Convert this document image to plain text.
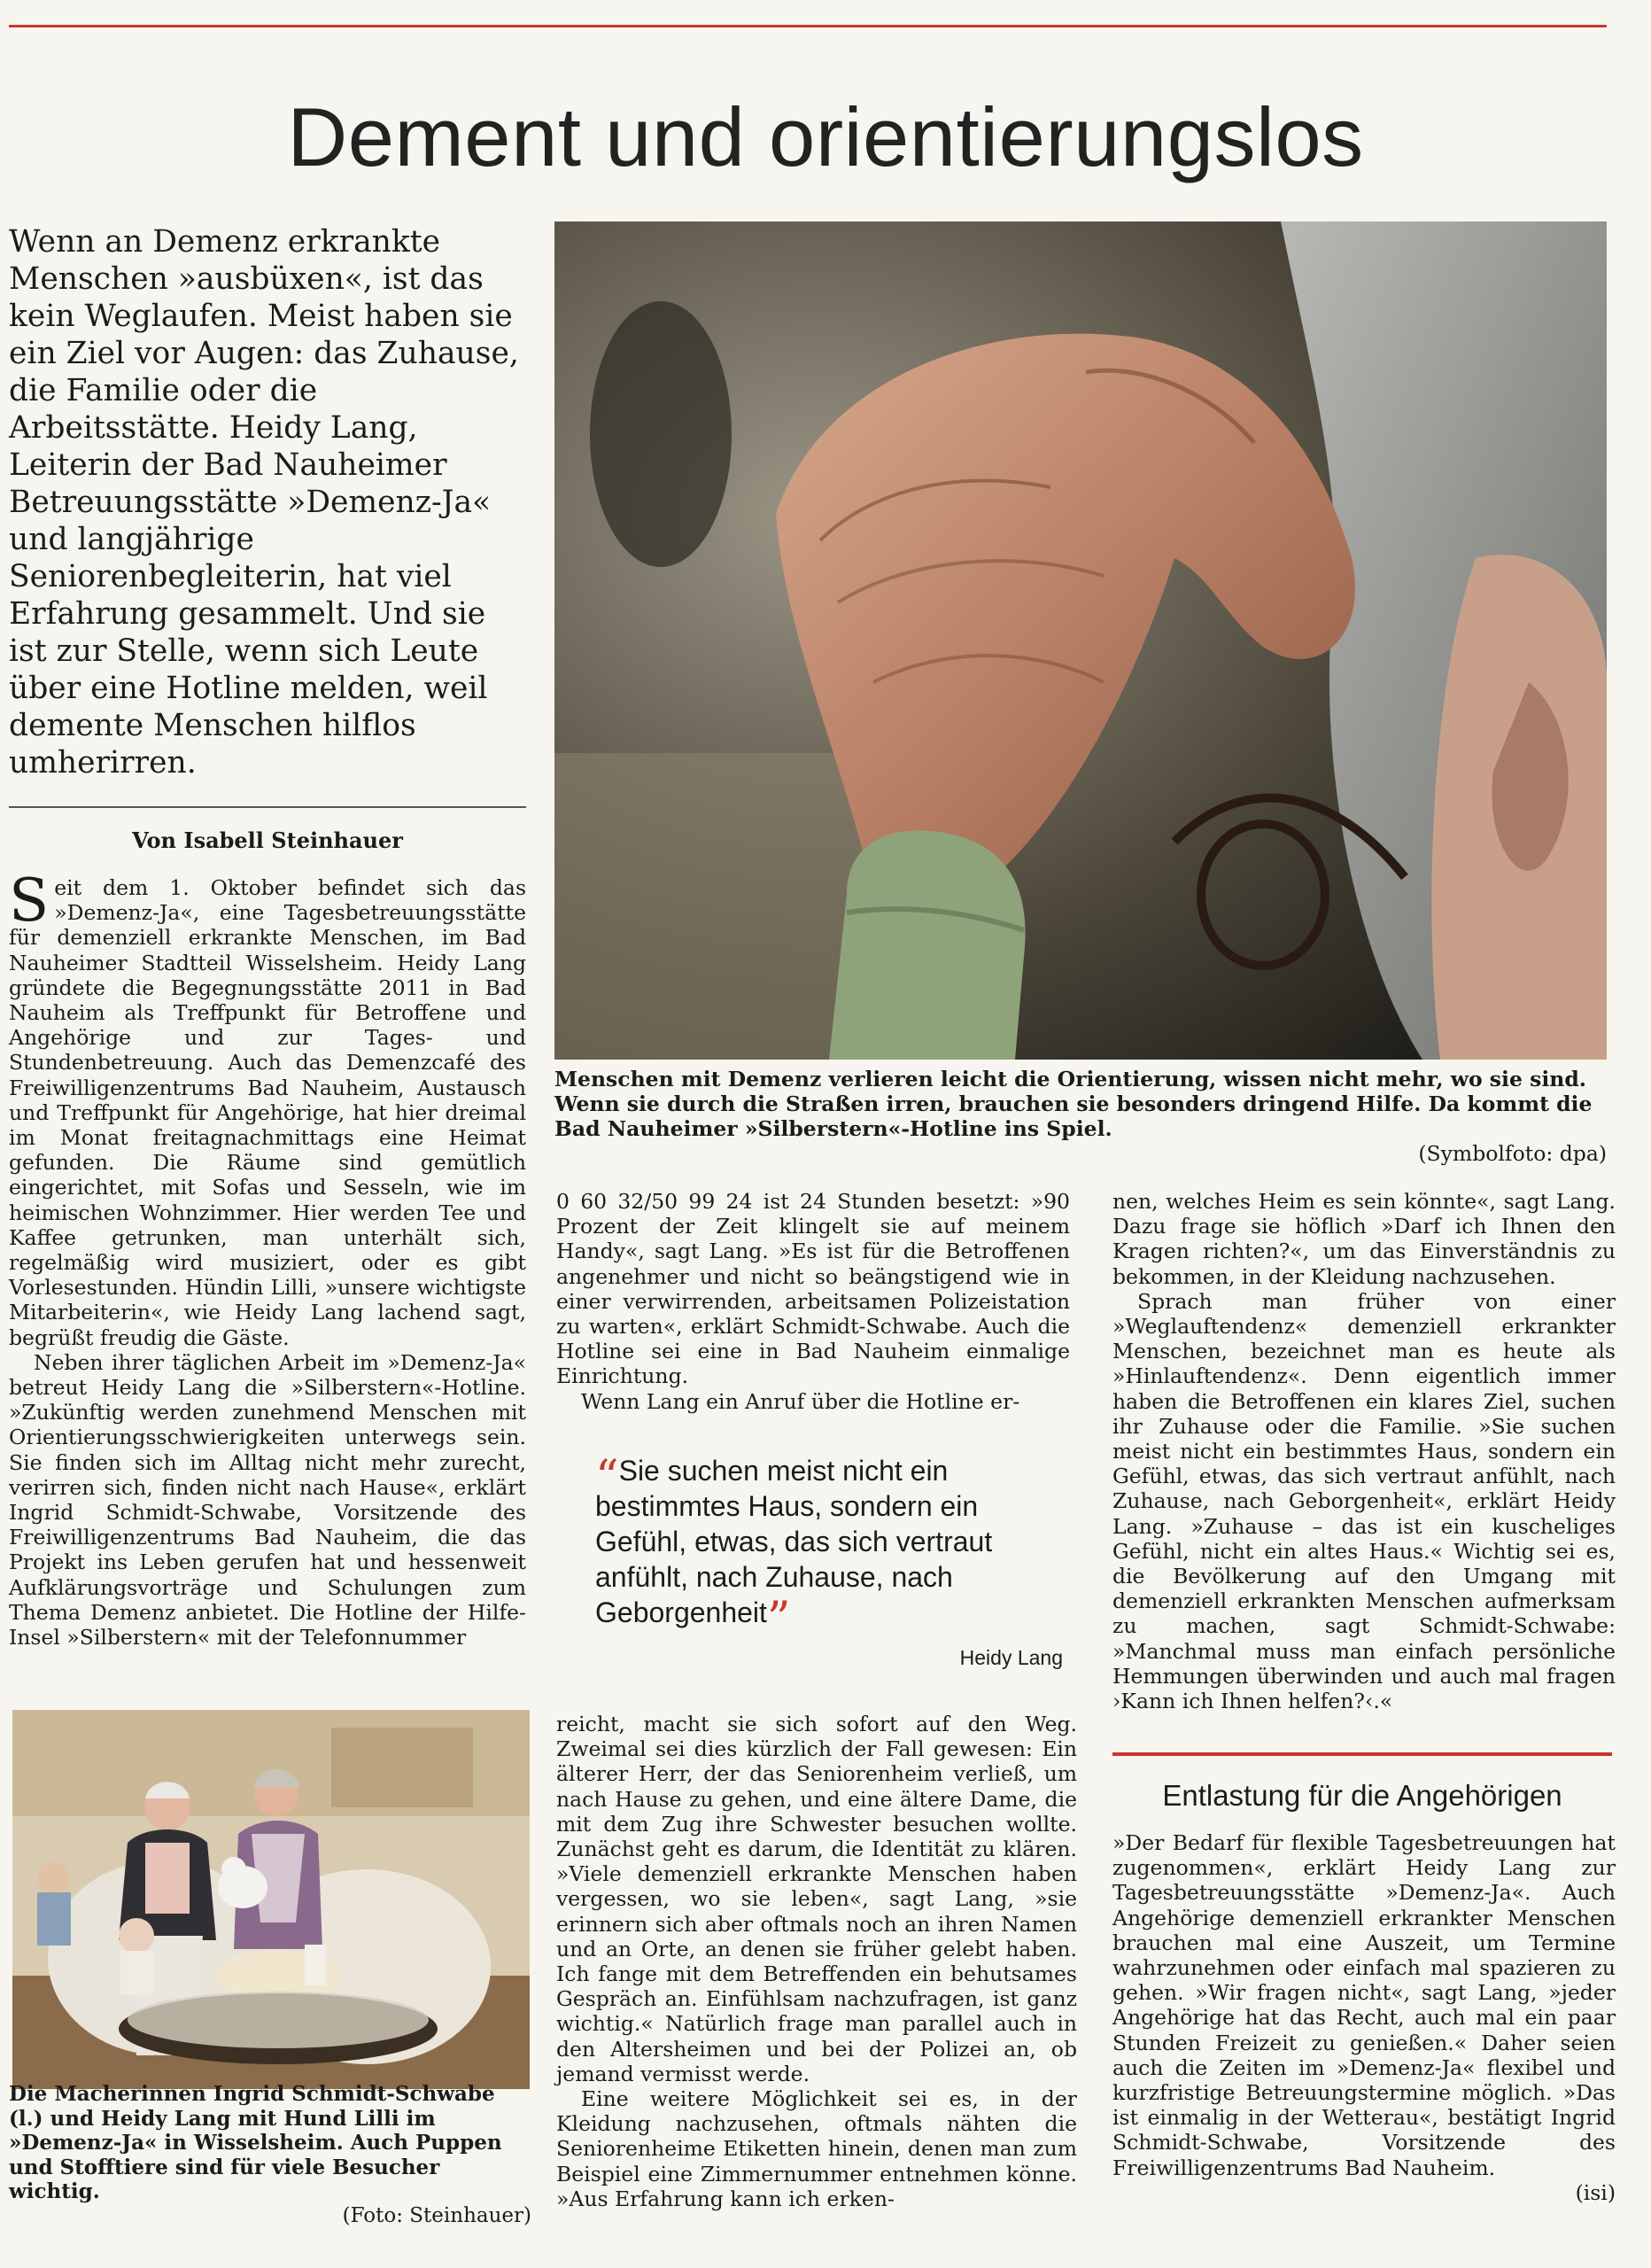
Dement und orientierungslos
Wenn an Demenz erkrankte Menschen »ausbüxen«, ist das kein Weglaufen. Meist haben sie ein Ziel vor Augen: das Zuhause, die Familie oder die Arbeitsstätte. Heidy Lang, Leiterin der Bad Nauheimer Betreuungsstätte »Demenz-Ja« und langjährige Seniorenbegleiterin, hat viel Erfahrung gesammelt. Und sie ist zur Stelle, wenn sich Leute über eine Hotline melden, weil demente Menschen hilflos umherirren.
Von Isabell Steinhauer

Seit dem 1. Oktober befindet sich das »Demenz-Ja«, eine Tagesbetreuungsstätte für demenziell erkrankte Menschen, im Bad Nauheimer Stadtteil Wisselsheim. Heidy Lang gründete die Begegnungsstätte 2011 in Bad Nauheim als Treffpunkt für Betroffene und Angehörige und zur Tages- und Stundenbetreuung. Auch das Demenzcafé des Freiwilligenzentrums Bad Nauheim, Austausch und Treffpunkt für Angehörige, hat hier dreimal im Monat freitagnachmittags eine Heimat gefunden. Die Räume sind gemütlich eingerichtet, mit Sofas und Sesseln, wie im heimischen Wohnzimmer. Hier werden Tee und Kaffee getrunken, man unterhält sich, regelmäßig wird musiziert, oder es gibt Vorlesestunden. Hündin Lilli, »unsere wichtigste Mitarbeiterin«, wie Heidy Lang lachend sagt, begrüßt freudig die Gäste.

Neben ihrer täglichen Arbeit im »Demenz-Ja« betreut Heidy Lang die »Silberstern«-Hotline. »Zukünftig werden zunehmend Menschen mit Orientierungsschwierigkeiten unterwegs sein. Sie finden sich im Alltag nicht mehr zurecht, verirren sich, finden nicht nach Hause«, erklärt Ingrid Schmidt-Schwabe, Vorsitzende des Freiwilligenzentrums Bad Nauheim, die das Projekt ins Leben gerufen hat und hessenweit Aufklärungsvorträge und Schulungen zum Thema Demenz anbietet. Die Hotline der Hilfe-Insel »Silberstern« mit der Telefonnummer

Menschen mit Demenz verlieren leicht die Orientierung, wissen nicht mehr, wo sie sind. Wenn sie durch die Straßen irren, brauchen sie besonders dringend Hilfe. Da kommt die Bad Nauheimer »Silberstern«-Hotline ins Spiel.
(Symbolfoto: dpa)

0 60 32/50 99 24 ist 24 Stunden besetzt: »90 Prozent der Zeit klingelt sie auf meinem Handy«, sagt Lang. »Es ist für die Betroffenen angenehmer und nicht so beängstigend wie in einer verwirrenden, arbeitsamen Polizeistation zu warten«, erklärt Schmidt-Schwabe. Auch die Hotline sei eine in Bad Nauheim einmalige Einrichtung.

Wenn Lang ein Anruf über die Hotline er-

“Sie suchen meist nicht ein bestimmtes Haus, sondern ein Gefühl, etwas, das sich vertraut anfühlt, nach Zuhause, nach Geborgenheit”
Heidy Lang

nen, welches Heim es sein könnte«, sagt Lang. Dazu frage sie höflich »Darf ich Ihnen den Kragen richten?«, um das Einverständnis zu bekommen, in der Kleidung nachzusehen.

Sprach man früher von einer »Weglauftendenz« demenziell erkrankter Menschen, bezeichnet man es heute als »Hinlauftendenz«. Denn eigentlich immer haben die Betroffenen ein klares Ziel, suchen ihr Zuhause oder die Familie. »Sie suchen meist nicht ein bestimmtes Haus, sondern ein Gefühl, etwas, das sich vertraut anfühlt, nach Zuhause, nach Geborgenheit«, erklärt Heidy Lang. »Zuhause – das ist ein kuscheliges Gefühl, nicht ein altes Haus.« Wichtig sei es, die Bevölkerung auf den Umgang mit demenziell erkrankten Menschen aufmerksam zu machen, sagt Schmidt-Schwabe: »Manchmal muss man einfach persönliche Hemmungen überwinden und auch mal fragen ›Kann ich Ihnen helfen?‹.«

Die Macherinnen Ingrid Schmidt-Schwabe (l.) und Heidy Lang mit Hund Lilli im »Demenz-Ja« in Wisselsheim. Auch Puppen und Stofftiere sind für viele Besucher wichtig.
(Foto: Steinhauer)

reicht, macht sie sich sofort auf den Weg. Zweimal sei dies kürzlich der Fall gewesen: Ein älterer Herr, der das Seniorenheim verließ, um nach Hause zu gehen, und eine ältere Dame, die mit dem Zug ihre Schwester besuchen wollte. Zunächst geht es darum, die Identität zu klären. »Viele demenziell erkrankte Menschen haben vergessen, wo sie leben«, sagt Lang, »sie erinnern sich aber oftmals noch an ihren Namen und an Orte, an denen sie früher gelebt haben. Ich fange mit dem Betreffenden ein behutsames Gespräch an. Einfühlsam nachzufragen, ist ganz wichtig.« Natürlich frage man parallel auch in den Altersheimen und bei der Polizei an, ob jemand vermisst werde.

Eine weitere Möglichkeit sei es, in der Kleidung nachzusehen, oftmals nähten die Seniorenheime Etiketten hinein, denen man zum Beispiel eine Zimmernummer entnehmen könne. »Aus Erfahrung kann ich erken-

Entlastung für die Angehörigen

»Der Bedarf für flexible Tagesbetreuungen hat zugenommen«, erklärt Heidy Lang zur Tagesbetreuungsstätte »Demenz-Ja«. Auch Angehörige demenziell erkrankter Menschen brauchen mal eine Auszeit, um Termine wahrzunehmen oder einfach mal spazieren zu gehen. »Wir fragen nicht«, sagt Lang, »jeder Angehörige hat das Recht, auch mal ein paar Stunden Freizeit zu genießen.« Daher seien auch die Zeiten im »Demenz-Ja« flexibel und kurzfristige Betreuungstermine möglich. »Das ist einmalig in der Wetterau«, bestätigt Ingrid Schmidt-Schwabe, Vorsitzende des Freiwilligenzentrums Bad Nauheim.

(isi)
